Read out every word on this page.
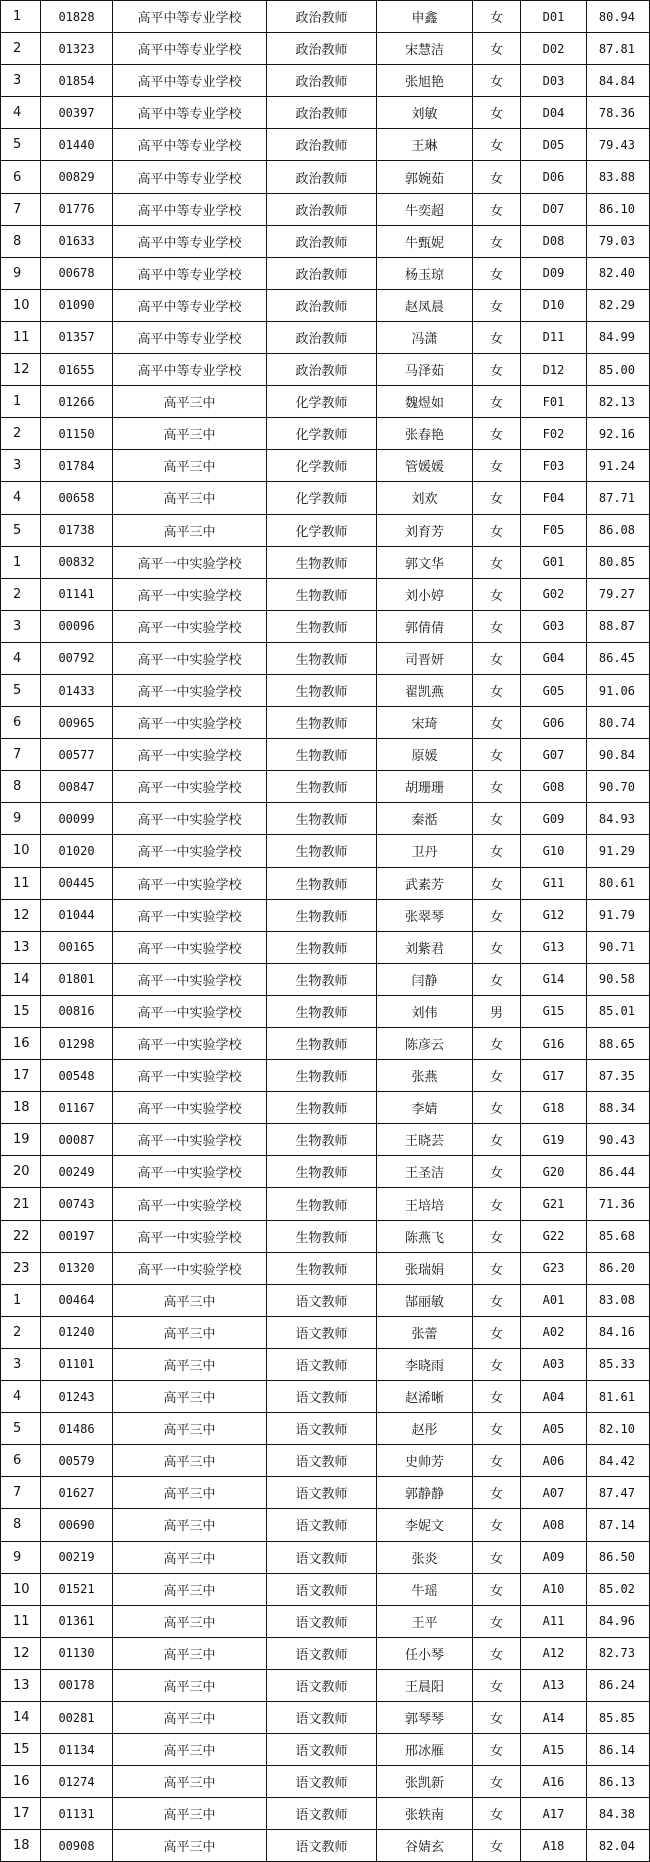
1	01828	高平中等专业学校	政治教师	申鑫	女	D01	80.94
2	01323	高平中等专业学校	政治教师	宋慧洁	女	D02	87.81
3	01854	高平中等专业学校	政治教师	张旭艳	女	D03	84.84
4	00397	高平中等专业学校	政治教师	刘敏	女	D04	78.36
5	01440	高平中等专业学校	政治教师	王琳	女	D05	79.43
6	00829	高平中等专业学校	政治教师	郭婉茹	女	D06	83.88
7	01776	高平中等专业学校	政治教师	牛奕超	女	D07	86.10
8	01633	高平中等专业学校	政治教师	牛甄妮	女	D08	79.03
9	00678	高平中等专业学校	政治教师	杨玉琼	女	D09	82.40
10	01090	高平中等专业学校	政治教师	赵凤晨	女	D10	82.29
11	01357	高平中等专业学校	政治教师	冯潇	女	D11	84.99
12	01655	高平中等专业学校	政治教师	马泽茹	女	D12	85.00
1	01266	高平三中	化学教师	魏煜如	女	F01	82.13
2	01150	高平三中	化学教师	张春艳	女	F02	92.16
3	01784	高平三中	化学教师	管媛媛	女	F03	91.24
4	00658	高平三中	化学教师	刘欢	女	F04	87.71
5	01738	高平三中	化学教师	刘育芳	女	F05	86.08
1	00832	高平一中实验学校	生物教师	郭文华	女	G01	80.85
2	01141	高平一中实验学校	生物教师	刘小婷	女	G02	79.27
3	00096	高平一中实验学校	生物教师	郭倩倩	女	G03	88.87
4	00792	高平一中实验学校	生物教师	司晋妍	女	G04	86.45
5	01433	高平一中实验学校	生物教师	翟凯燕	女	G05	91.06
6	00965	高平一中实验学校	生物教师	宋琦	女	G06	80.74
7	00577	高平一中实验学校	生物教师	原媛	女	G07	90.84
8	00847	高平一中实验学校	生物教师	胡珊珊	女	G08	90.70
9	00099	高平一中实验学校	生物教师	秦湉	女	G09	84.93
10	01020	高平一中实验学校	生物教师	卫丹	女	G10	91.29
11	00445	高平一中实验学校	生物教师	武素芳	女	G11	80.61
12	01044	高平一中实验学校	生物教师	张翠琴	女	G12	91.79
13	00165	高平一中实验学校	生物教师	刘紫君	女	G13	90.71
14	01801	高平一中实验学校	生物教师	闫静	女	G14	90.58
15	00816	高平一中实验学校	生物教师	刘伟	男	G15	85.01
16	01298	高平一中实验学校	生物教师	陈彦云	女	G16	88.65
17	00548	高平一中实验学校	生物教师	张燕	女	G17	87.35
18	01167	高平一中实验学校	生物教师	李婧	女	G18	88.34
19	00087	高平一中实验学校	生物教师	王晓芸	女	G19	90.43
20	00249	高平一中实验学校	生物教师	王圣洁	女	G20	86.44
21	00743	高平一中实验学校	生物教师	王培培	女	G21	71.36
22	00197	高平一中实验学校	生物教师	陈燕飞	女	G22	85.68
23	01320	高平一中实验学校	生物教师	张瑞娟	女	G23	86.20
1	00464	高平三中	语文教师	郜丽敏	女	A01	83.08
2	01240	高平三中	语文教师	张蕾	女	A02	84.16
3	01101	高平三中	语文教师	李晓雨	女	A03	85.33
4	01243	高平三中	语文教师	赵浠晰	女	A04	81.61
5	01486	高平三中	语文教师	赵彤	女	A05	82.10
6	00579	高平三中	语文教师	史帅芳	女	A06	84.42
7	01627	高平三中	语文教师	郭静静	女	A07	87.47
8	00690	高平三中	语文教师	李妮文	女	A08	87.14
9	00219	高平三中	语文教师	张炎	女	A09	86.50
10	01521	高平三中	语文教师	牛瑶	女	A10	85.02
11	01361	高平三中	语文教师	王平	女	A11	84.96
12	01130	高平三中	语文教师	任小琴	女	A12	82.73
13	00178	高平三中	语文教师	王晨阳	女	A13	86.24
14	00281	高平三中	语文教师	郭琴琴	女	A14	85.85
15	01134	高平三中	语文教师	邢冰雁	女	A15	86.14
16	01274	高平三中	语文教师	张凯新	女	A16	86.13
17	01131	高平三中	语文教师	张轶南	女	A17	84.38
18	00908	高平三中	语文教师	谷婧玄	女	A18	82.04
